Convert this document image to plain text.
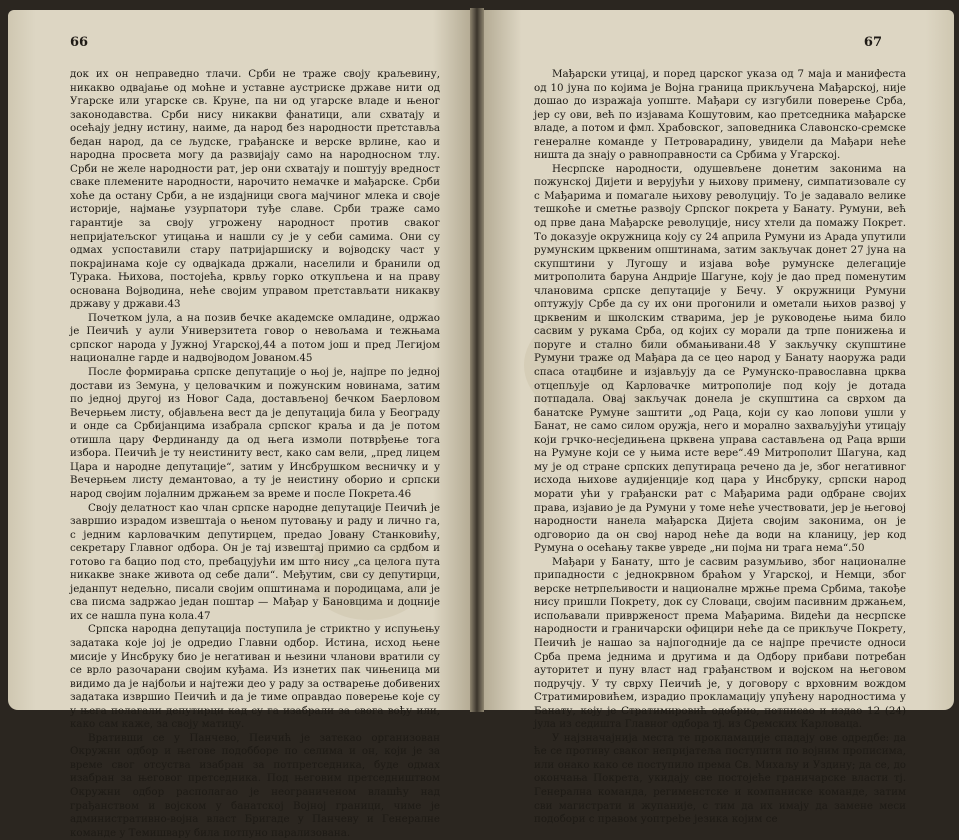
66

док их он неправедно тлачи. Срби не траже своју краљевину, никакво одвајање од моћне и уставне аустриске државе нити од Угарске или угарске св. Круне, па ни од угарске владе и њеног законодавства. Срби нису никакви фанатици, али схватају и осећају једну истину, наиме, да народ без народности претставља бедан народ, да се људске, грађанске и верске врлине, као и народна просвета могу да развијају само на народносном тлу. Срби не желе народности рат, јер они схватају и поштују вредност свакe племените народности, нарочито немачке и мађарске. Срби хоће да остану Срби, а не издајници свога мајчиног млека и своје историје, најмање узурпатори туђе славе. Срби траже само гарантије за своју угрожену народност против сваког непријатељског утицања и нашли су је у себи самима. Они су одмах успоставили стару патријаршиску и војводску част у покрајинама које су одвајкада држали, населили и бранили од Турака. Њихова, постојећа, крвљу горко откупљена и на праву основана Војводина, неће својим управом претстављати никакву државу у држави.43

Почетком јула, а на позив бечке академске омладине, одржао је Пеичић у аули Универзитета говор о невољама и тежњама српског народа у Јужној Угарској,44 а потом још и пред Легијом националне гарде и надвојводом Јованом.45

После формирања српске депутације о њој је, најпре по једној достави из Земуна, у целовачким и пожунским новинама, затим по једној другој из Новог Сада, достављеној бечком Баерловом Вечерњем листу, објављена вест да је депутација била у Београду и онде са Србијанцима изабрала српског краља и да је потом отишла цару Фердинанду да од њега измоли потврђење тога избора. Пеичић је ту неистиниту вест, како сам вели, „пред лицем Цара и народне депутације“, затим у Инсбрушком весничку и у Вечерњем листу демантовао, а ту је неистину оборио и српски народ својим лојалним држањем за време и после Покрета.46

Своју делатност као члан српске народне депутације Пеичић је завршио израдом извештаја о њеном путовању и раду и лично га, с једним карловачким депутирцем, предао Јовану Станковићу, секретару Главног одбора. Он је тај извештај примио са срдбом и готово га бацио под сто, пребацујући им што нису „са целога пута никакве знаке живота од себе дали“. Међутим, сви су депутирци, једанпут недељно, писали својим општинама и породицама, али је сва писма задржао један поштар — Мађар у Бановцима и доцније их се нашла пуна кола.47

Српска народна депутација поступила је стриктно у испуњењу задатака које јој је одредио Главни одбор. Истина, исход њене мисије у Инсбруку био је негативан и њезини чланови вратили су се врло разочарани својим куђама. Из изнетих пак чињеница ми видимо да је најбољи и најтежи део у раду за остварење добивених задатака извршио Пеичић и да је тиме оправдао поверење које су у њега полагали депутирци кад су га изабрали за свога вођу или, како сам каже, за своју матицу.

Вративши се у Панчево, Пеичић је затекао организован Окружни одбор и његове подобборе по селима и он, који је за време свог отсуства изабран за потпретседника, буде одмах изабран за његовог претседника. Под његовим претседништвом Окружни одбор располагао је неограниченом влашћу над грађанством и војском у банатској Војној граници, чиме је административно-војна власт Бригаде у Панчеву и Генералне команде у Темишвару била потпуно парализована.

67

Мађарски утицај, и поред царског указа од 7 маја и манифеста од 10 јуна по којима је Војна граница прикључена Мађарској, није дошао до изражаја уопште. Мађари су изгубили поверење Срба, јер су ови, већ по изјавама Кошутовим, као претседника мађарске владе, а потом и фмл. Храбовског, заповедника Славонско-сремске генералне команде у Петроварадину, увидели да Мађари неће ништа да знају о равноправности са Србима у Угарској.

Несрпске народности, одушевљене донетим законима на пожунској Дијети и верујући у њихову примену, симпатизовале су с Мађарима и помагале њихову револуцију. То је задавало велике тешкоће и сметње развоју Српског покрета у Банату. Румуни, већ од прве дана Мађарске револуције, нису хтели да помажу Покрет. То доказује окружница коју су 24 априла Румуни из Арада упутили румунским црквеним општинама, затим закључак донет 27 јуна на скупштини у Лугошу и изјава вође румунске делегације митрополита баруна Андрије Шагуне, коју је дао пред поменутим члановима српске депутације у Бечу. У окружници Румуни оптужују Србе да су их они прогонили и ометали њихов развој у црквеним и школским стварима, јер је руководење њима било сасвим у рукама Срба, од којих су морали да трпе понижења и поруге и стално били обмањивани.48 У закључку скупштине Румуни траже од Мађара да се цео народ у Банату наоружа ради спаса отаџбине и изјављују да се Румунско-православна црква отцепљује од Карловачке митрополије под коју је дотада потпадала. Овај закључак донела је скупштина са сврхом да банатске Румуне заштити „од Раца, који су као лопови ушли у Банат, не само силом оружја, него и морално захваљујући утицају који грчко-несједињена црквена управа састављена од Раца врши на Румуне који се у њима исте вере“.49 Митрополит Шагуна, кад му је од стране српских депутираца речено да је, због негативног исхода њихове аудијенције код цара у Инсбруку, српски народ морати ући у грађански рат с Мађарима ради одбране својих права, изјавио је да Румуни у томе неће учествовати, јер је његовој народности нанела мађарска Дијета својим законима, он је одговорио да он свој народ неће да води на кланицу, јер код Румуна о осећању такве увреде „ни појма ни трага нема“.50

Мађари у Банату, што је сасвим разумљиво, због националне припадности с једнокрвном браћом у Угарској, и Немци, због верске нетрпељивости и националне мржње према Србима, такође нису пришли Покрету, док су Словаци, својим пасивним држањем, испољавали привржeност према Мађарима. Видећи да несрпске народности и граничарски официри неће да се прикључе Покрету, Пеичић је нашао за најпогодније да се најпре пречисте односи Срба према једнима и другима и да Одбору прибави потребан ауторитет и пуну власт над грађанством и војском на његовом подручју. У ту сврху Пеичић је, у договору с врховним вождом Стратимировићем, израдио прокламацију упућену народностима у Банату, коју је Стратимировић одобрио, потписао и издао 12 (24) јула из седишта Главног одбора тј. из Сремских Карловаца.

У најзначајнија места те прокламације спадају ове одредбе: да ће се противу сваког непријатеља поступити по војним прописима, или онако како се поступило према Св. Михаљу и Уздину; да се, до окончања Покрета, укидају све постојеће граничарске власти тј. Генерална команда, регименстске и компаниске команде, затим сви магистрати и жупаније, с тим да их имају да замене меси подобори с правом уоптреbe језика којим се
